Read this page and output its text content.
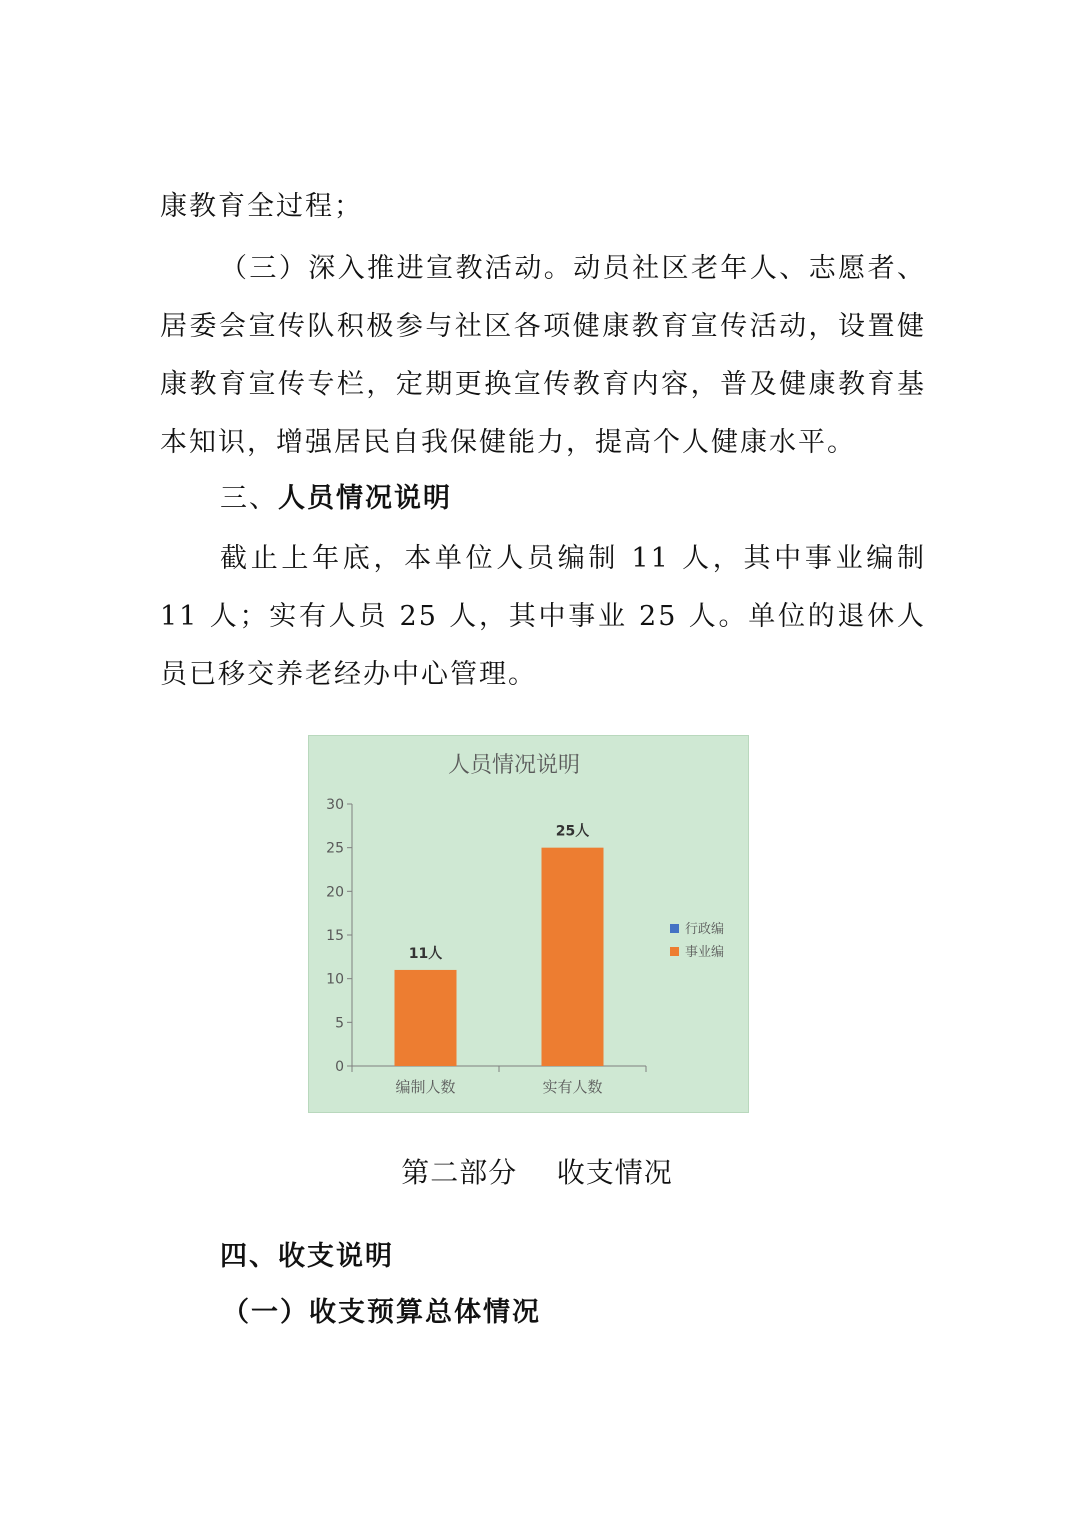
康教育全过程；

（三）深入推进宣教活动。动员社区老年人、志愿者、居委会宣传队积极参与社区各项健康教育宣传活动，设置健康教育宣传专栏，定期更换宣传教育内容，普及健康教育基本知识，增强居民自我保健能力，提高个人健康水平。

三、人员情况说明

截止上年底，本单位人员编制 11 人，其中事业编制 11 人；实有人员 25 人，其中事业 25 人。单位的退休人员已移交养老经办中心管理。

人员情况说明
0
5
10
15
20
25
30
编制人数	实有人数
11人
25人
行政编
事业编

第二部分    收支情况

四、收支说明
（一）收支预算总体情况
